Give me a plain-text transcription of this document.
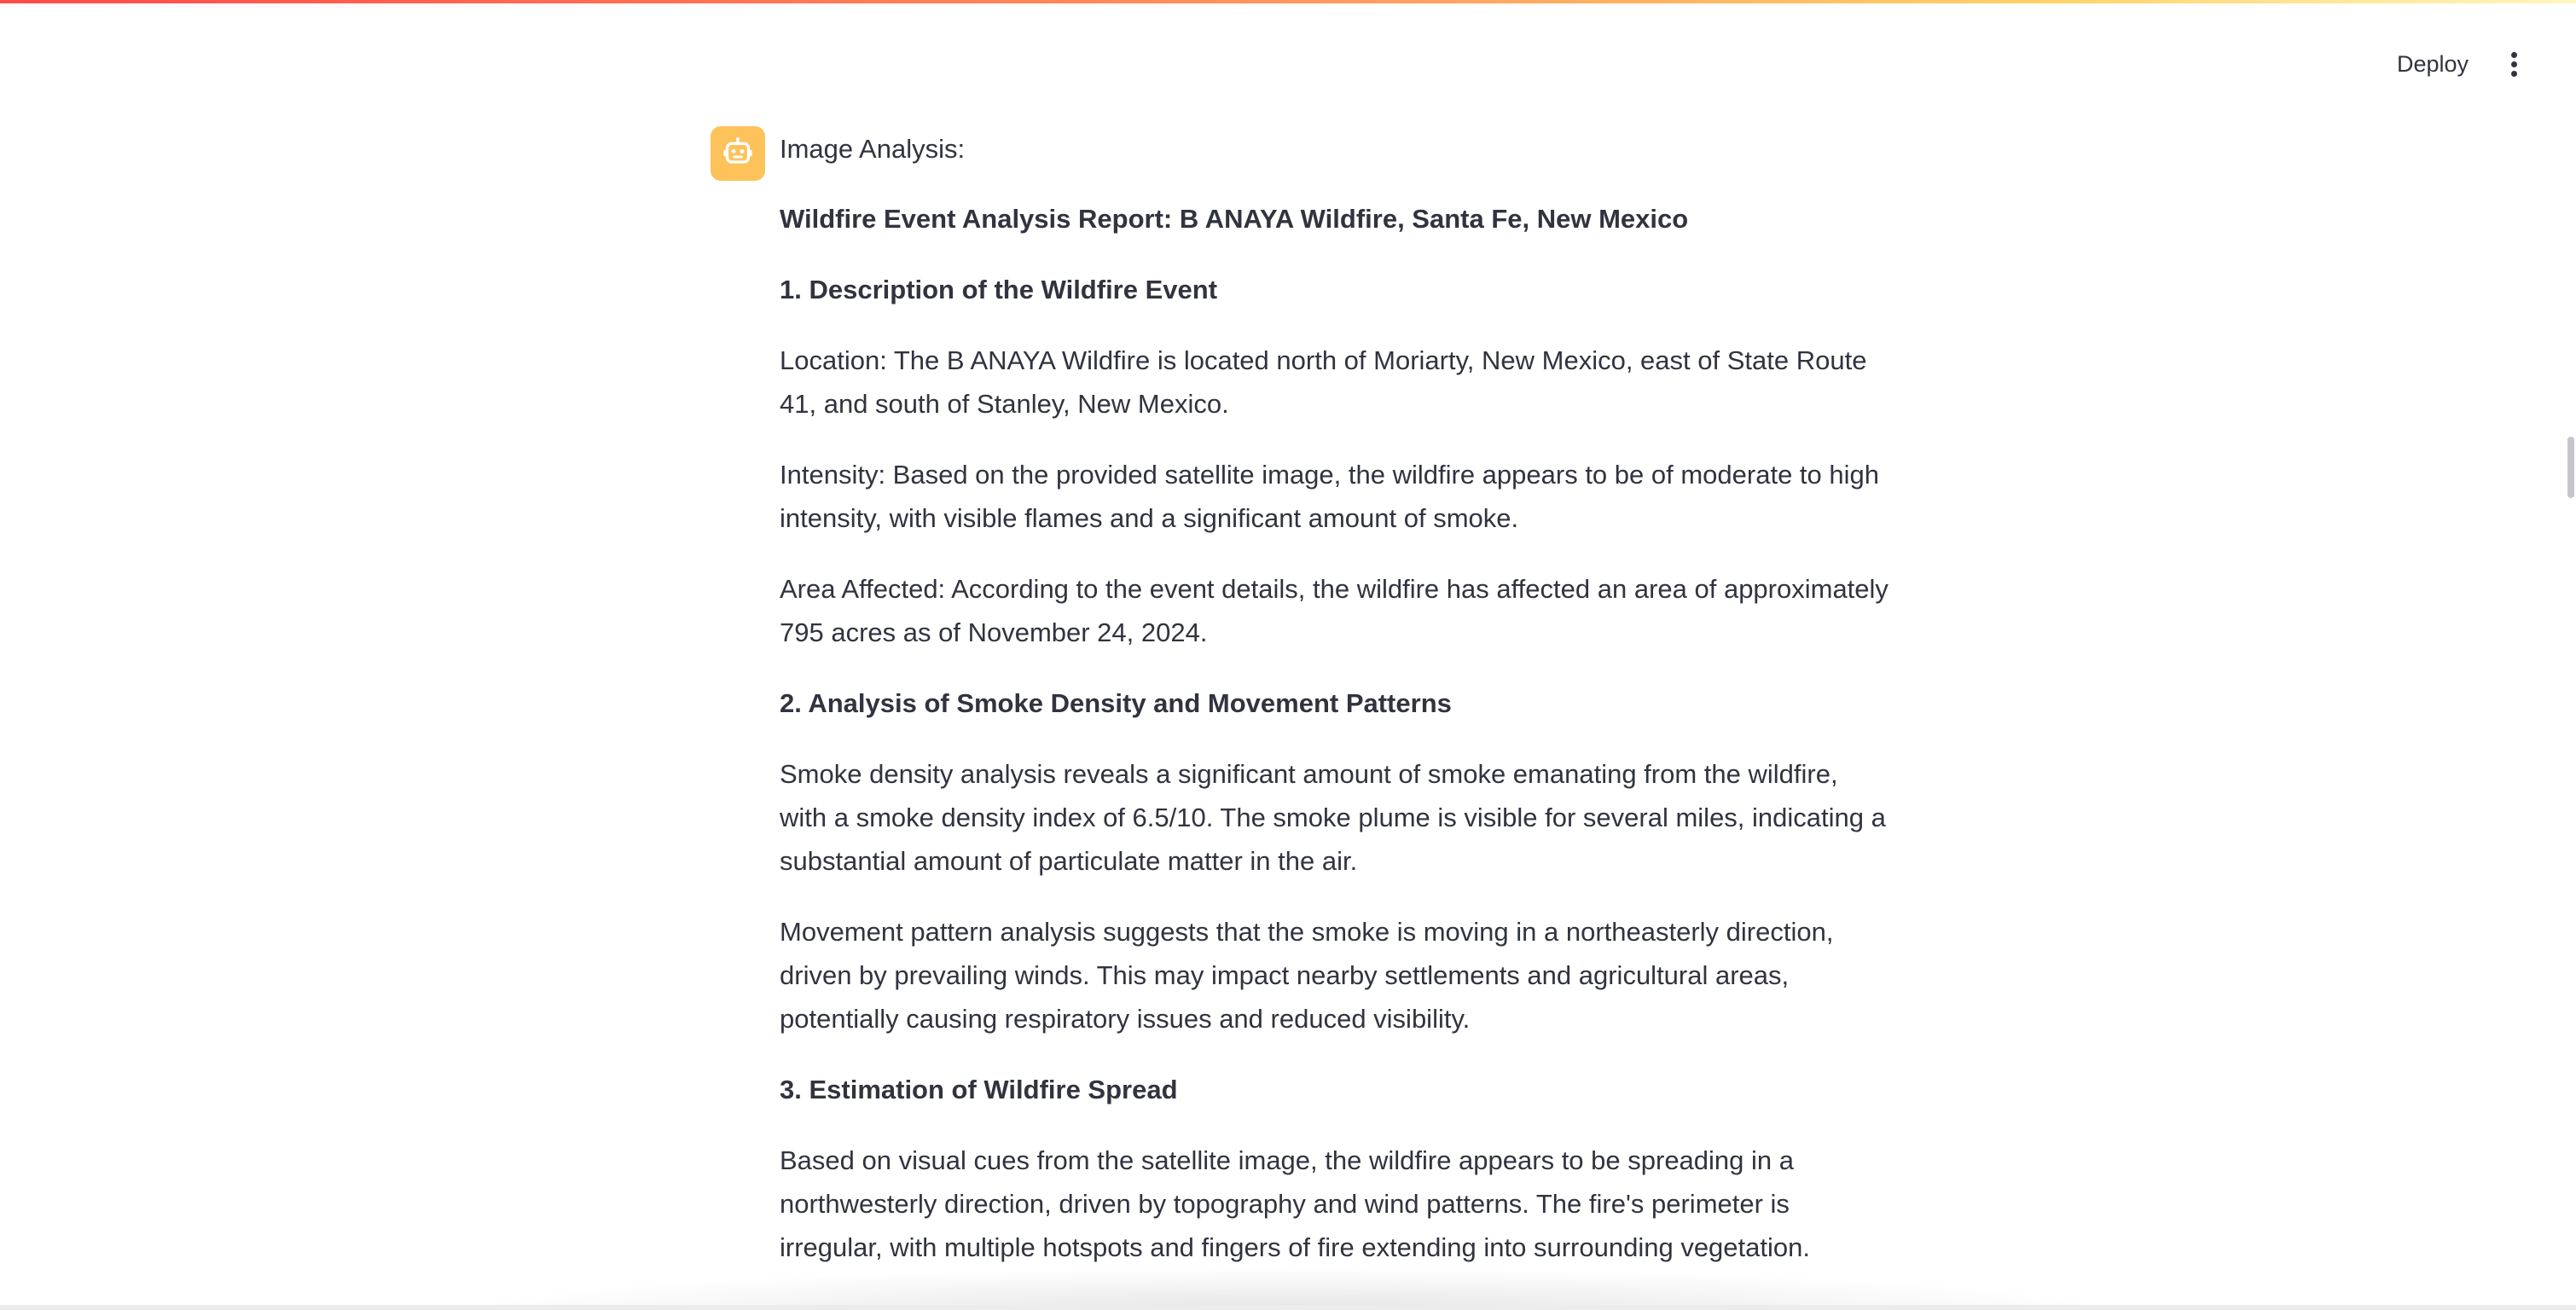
Deploy

Image Analysis:

Wildfire Event Analysis Report: B ANAYA Wildfire, Santa Fe, New Mexico

1. Description of the Wildfire Event

Location: The B ANAYA Wildfire is located north of Moriarty, New Mexico, east of State Route 41, and south of Stanley, New Mexico.

Intensity: Based on the provided satellite image, the wildfire appears to be of moderate to high intensity, with visible flames and a significant amount of smoke.

Area Affected: According to the event details, the wildfire has affected an area of approximately 795 acres as of November 24, 2024.

2. Analysis of Smoke Density and Movement Patterns

Smoke density analysis reveals a significant amount of smoke emanating from the wildfire, with a smoke density index of 6.5/10. The smoke plume is visible for several miles, indicating a substantial amount of particulate matter in the air.

Movement pattern analysis suggests that the smoke is moving in a northeasterly direction, driven by prevailing winds. This may impact nearby settlements and agricultural areas, potentially causing respiratory issues and reduced visibility.

3. Estimation of Wildfire Spread

Based on visual cues from the satellite image, the wildfire appears to be spreading in a northwesterly direction, driven by topography and wind patterns. The fire's perimeter is irregular, with multiple hotspots and fingers of fire extending into surrounding vegetation.
